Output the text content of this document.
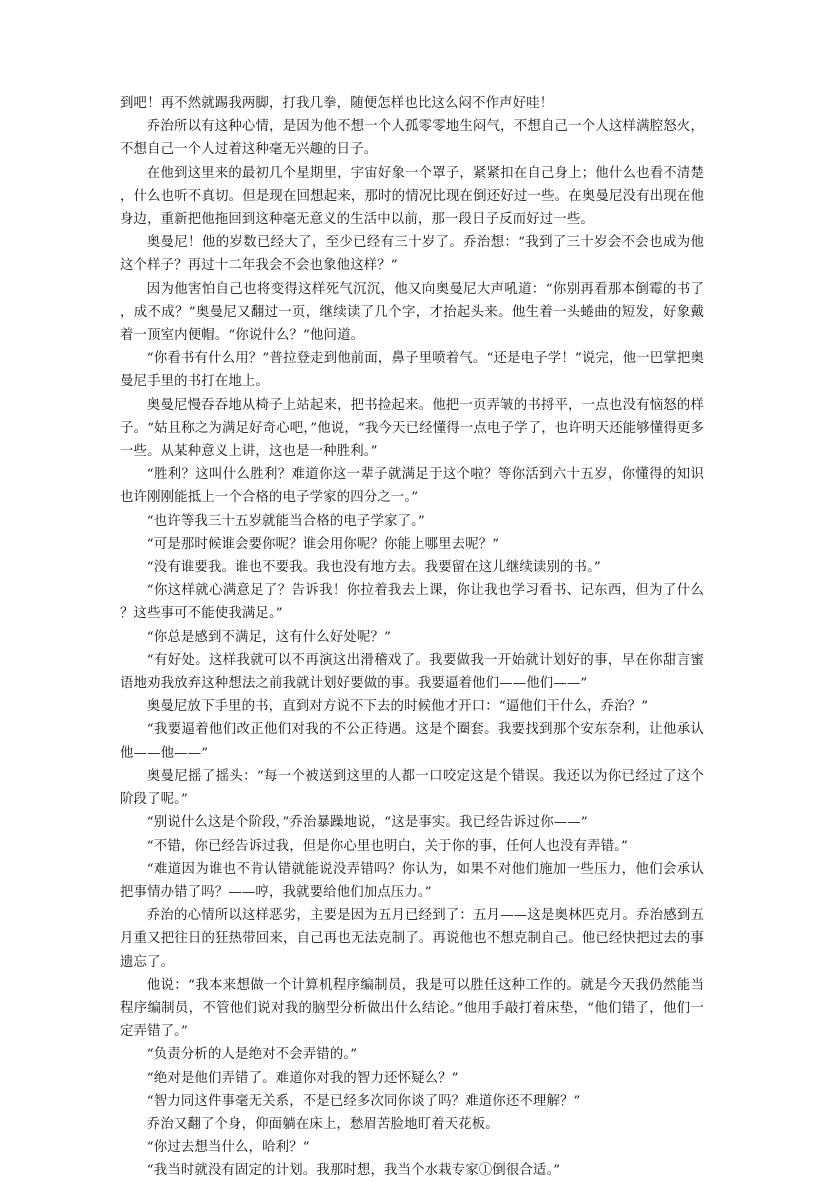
到吧！再不然就踢我两脚，打我几拳，随便怎样也比这么闷不作声好哇！

乔治所以有这种心情，是因为他不想一个人孤零零地生闷气，不想自己一个人这样满腔怒火，不想自己一个人过着这种毫无兴趣的日子。

在他到这里来的最初几个星期里，宇宙好象一个罩子，紧紧扣在自己身上；他什么也看不清楚，什么也听不真切。但是现在回想起来，那时的情况比现在倒还好过一些。在奥曼尼没有出现在他身边，重新把他拖回到这种毫无意义的生活中以前，那一段日子反而好过一些。

奥曼尼！他的岁数已经大了，至少已经有三十岁了。乔治想：“我到了三十岁会不会也成为他这个样子？再过十二年我会不会也象他这样？”

因为他害怕自己也将变得这样死气沉沉，他又向奥曼尼大声吼道：“你别再看那本倒霉的书了，成不成？”奥曼尼又翻过一页，继续读了几个字，才抬起头来。他生着一头蜷曲的短发，好象戴着一顶室内便帽。“你说什么？”他问道。

“你看书有什么用？”普拉登走到他前面，鼻子里喷着气。“还是电子学！”说完，他一巴掌把奥曼尼手里的书打在地上。

奥曼尼慢吞吞地从椅子上站起来，把书捡起来。他把一页弄皱的书捋平，一点也没有恼怒的样子。“姑且称之为满足好奇心吧，”他说，“我今天已经懂得一点电子学了，也许明天还能够懂得更多一些。从某种意义上讲，这也是一种胜利。”

“胜利？这叫什么胜利？难道你这一辈子就满足于这个啦？等你活到六十五岁，你懂得的知识也许刚刚能抵上一个合格的电子学家的四分之一。”

“也许等我三十五岁就能当合格的电子学家了。”

“可是那时候谁会要你呢？谁会用你呢？你能上哪里去呢？”

“没有谁要我。谁也不要我。我也没有地方去。我要留在这儿继续读别的书。”

“你这样就心满意足了？告诉我！你拉着我去上课，你让我也学习看书、记东西，但为了什么？这些事可不能使我满足。”

“你总是感到不满足，这有什么好处呢？”

“有好处。这样我就可以不再演这出滑稽戏了。我要做我一开始就计划好的事，早在你甜言蜜语地劝我放弃这种想法之前我就计划好要做的事。我要逼着他们——他们——”

奥曼尼放下手里的书，直到对方说不下去的时候他才开口：“逼他们干什么，乔治？”

“我要逼着他们改正他们对我的不公正待遇。这是个圈套。我要找到那个安东奈利，让他承认他——他——”

奥曼尼摇了摇头：“每一个被送到这里的人都一口咬定这是个错误。我还以为你已经过了这个阶段了呢。”

“别说什么这是个阶段，”乔治暴躁地说，“这是事实。我已经告诉过你——”

“不错，你已经告诉过我，但是你心里也明白，关于你的事，任何人也没有弄错。”

“难道因为谁也不肯认错就能说没弄错吗？你认为，如果不对他们施加一些压力，他们会承认把事情办错了吗？——哼，我就要给他们加点压力。”

乔治的心情所以这样恶劣，主要是因为五月已经到了：五月——这是奥林匹克月。乔治感到五月重又把往日的狂热带回来，自己再也无法克制了。再说他也不想克制自己。他已经快把过去的事遗忘了。

他说：“我本来想做一个计算机程序编制员，我是可以胜任这种工作的。就是今天我仍然能当程序编制员，不管他们说对我的脑型分析做出什么结论。”他用手敲打着床垫，“他们错了，他们一定弄错了。”

“负责分析的人是绝对不会弄错的。”

“绝对是他们弄错了。难道你对我的智力还怀疑么？”

“智力同这件事毫无关系，不是已经多次同你谈了吗？难道你还不理解？”

乔治又翻了个身，仰面躺在床上，愁眉苦脸地盯着天花板。

“你过去想当什么，哈利？”

“我当时就没有固定的计划。我那时想，我当个水栽专家①倒很合适。”
